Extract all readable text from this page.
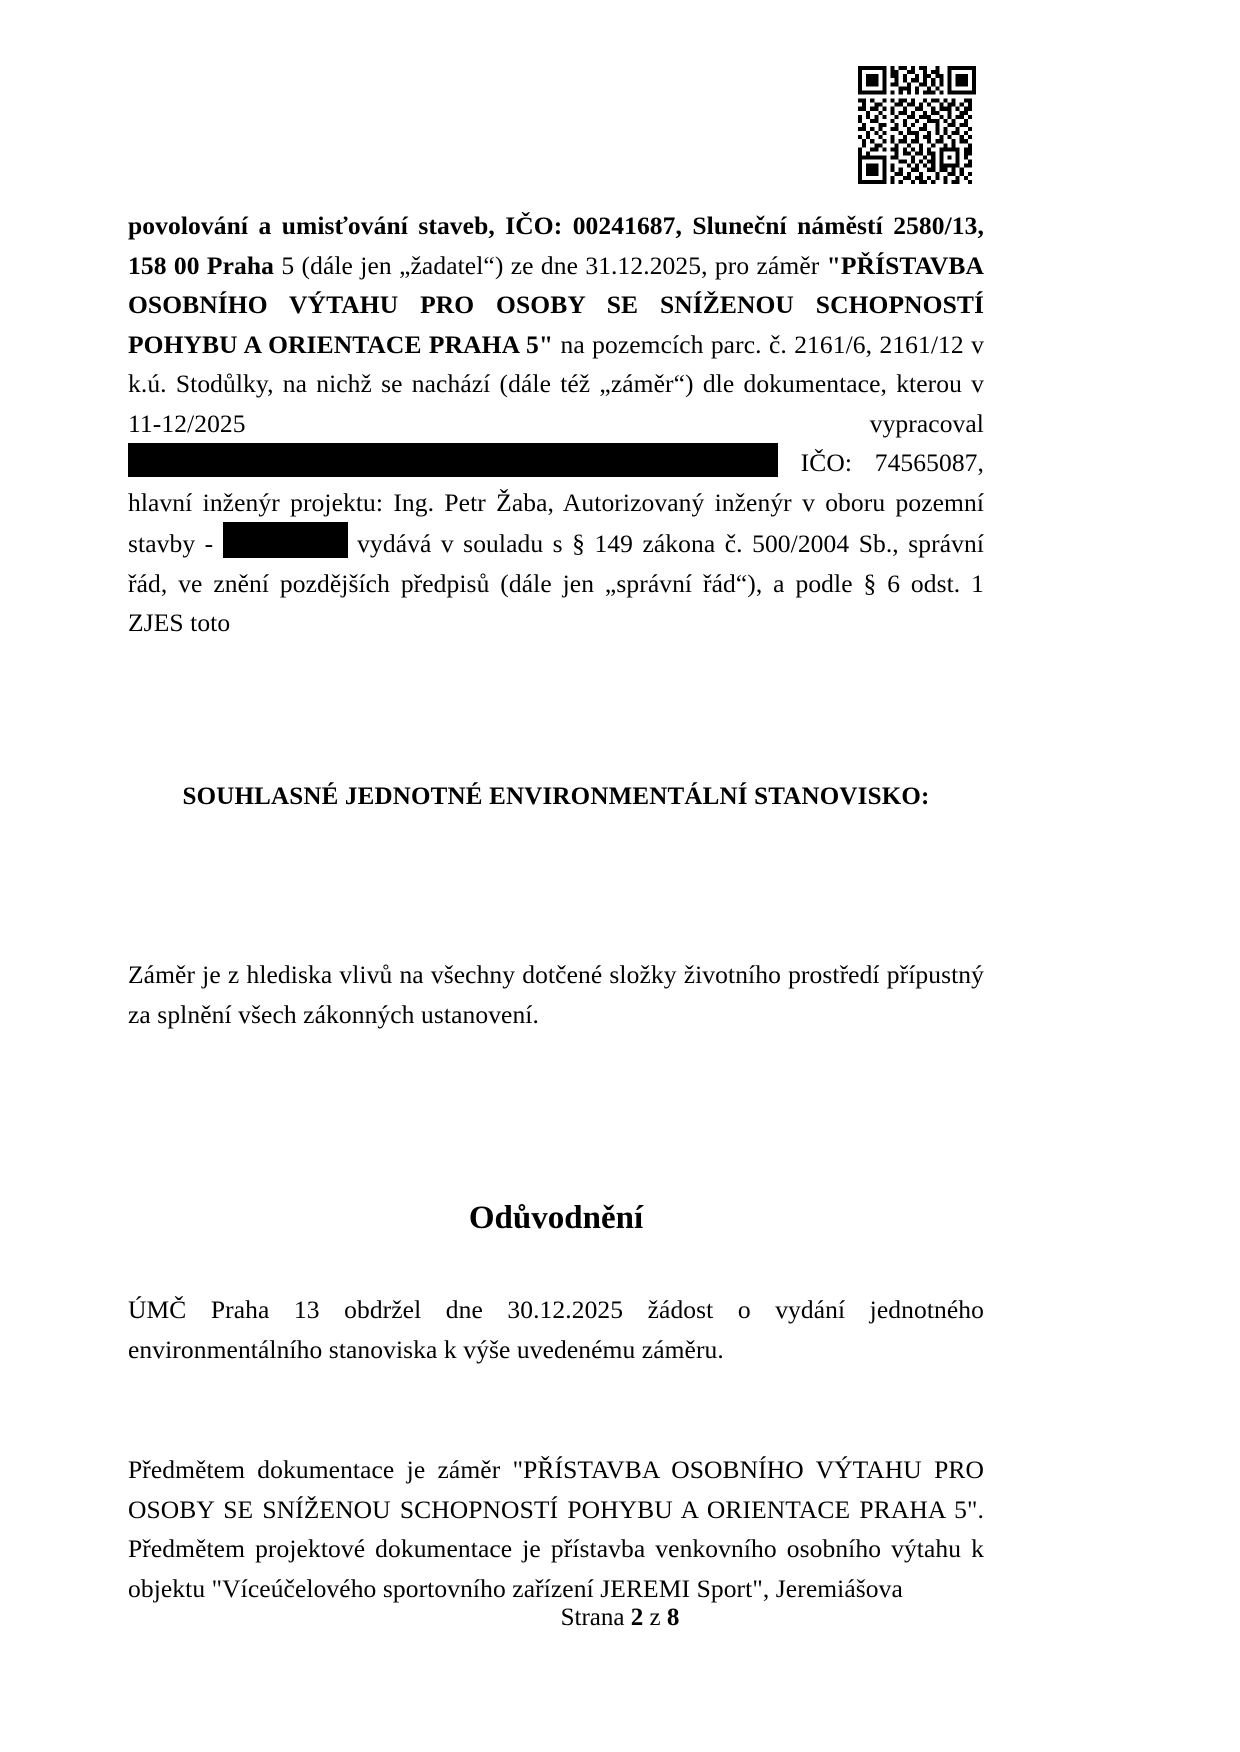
povolování a umisťování staveb, IČO: 00241687, Sluneční náměstí 2580/13, 158 00 Praha 5 (dále jen „žadatel“) ze dne 31.12.2025, pro záměr "PŘÍSTAVBA OSOBNÍHO VÝTAHU PRO OSOBY SE SNÍŽENOU SCHOPNOSTÍ POHYBU A ORIENTACE PRAHA 5" na pozemcích parc. č. 2161/6, 2161/12 v k.ú. Stodůlky, na nichž se nachází (dále též „záměr“) dle dokumentace, kterou v 11-12/2025 vypracoval  IČO: 74565087, hlavní inženýr projektu: Ing. Petr Žaba, Autorizovaný inženýr v oboru pozemní stavby -	vydává v souladu s § 149 zákona č. 500/2004 Sb., správní řád, ve znění pozdějších předpisů (dále jen „správní řád“), a podle § 6 odst. 1 ZJES toto

SOUHLASNÉ JEDNOTNÉ ENVIRONMENTÁLNÍ STANOVISKO:

Záměr je z hlediska vlivů na všechny dotčené složky životního prostředí přípustný za splnění všech zákonných ustanovení.

Odůvodnění

ÚMČ Praha 13 obdržel dne 30.12.2025 žádost o vydání jednotného environmentálního stanoviska k výše uvedenému záměru.

Předmětem dokumentace je záměr "PŘÍSTAVBA OSOBNÍHO VÝTAHU PRO OSOBY SE SNÍŽENOU SCHOPNOSTÍ POHYBU A ORIENTACE PRAHA 5". Předmětem projektové dokumentace je přístavba venkovního osobního výtahu k objektu "Víceúčelového sportovního zařízení JEREMI Sport", Jeremiášova

Strana 2 z 8
